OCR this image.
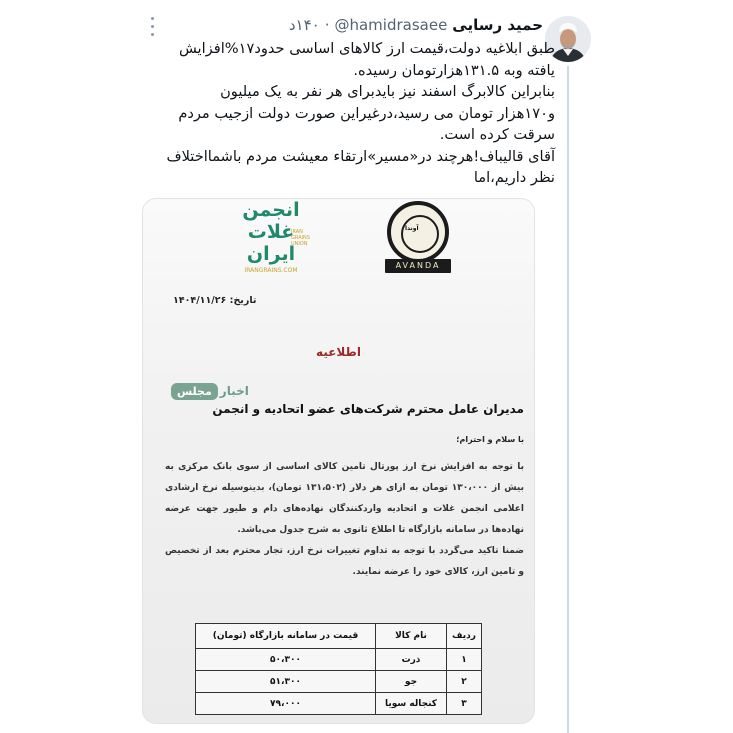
حمید رسایی
@hamidrasaee
·
۱۴۰د

طبق ابلاغیه دولت،قیمت ارز کالاهای اساسی حدود۱۷%افزایش یافته وبه ۱۳۱.۵هزارتومان رسیده.

بنابراین کالابرگ اسفند نیز بایدبرای هر نفر به یک میلیون و۱۷۰هزار تومان می رسید،درغیراین صورت دولت ازجیب مردم سرقت کرده است.

آقای قالیباف!هرچند در«مسیر»ارتقاء معیشت مردم باشمااختلاف نظر داریم،اما

انجمن
غلات
ایران
IRAN
GRAINS
UNION
IRANGRAINS.COM
آوندا
AVANDA
تاریخ: ۱۴۰۴/۱۱/۲۶
اطلاعیه
اخبار
مجلس
مدیران عامل محترم شرکت‌های عضو اتحادیه و انجمن
با سلام و احترام؛

با توجه به افزایش نرخ ارز پورتال تامین کالای اساسی از سوی بانک مرکزی به بیش از ۱۳۰،۰۰۰ تومان به ازای هر دلار (۱۳۱،۵۰۲ تومان)، بدینوسیله نرخ ارشادی اعلامی انجمن غلات و اتحادیه واردکنندگان نهاده‌های دام و طیور جهت عرضه نهاده‌ها در سامانه بازارگاه تا اطلاع ثانوی به شرح جدول می‌باشد.

ضمنا تاکید می‌گردد با توجه به تداوم تغییرات نرخ ارز، تجار محترم بعد از تخصیص و تامین ارز، کالای خود را عرضه نمایند.

ردیف	نام کالا	قیمت در سامانه بازارگاه (تومان)
۱	ذرت	۵۰،۳۰۰
۲	جو	۵۱،۳۰۰
۳	کنجاله سویا	۷۹،۰۰۰
